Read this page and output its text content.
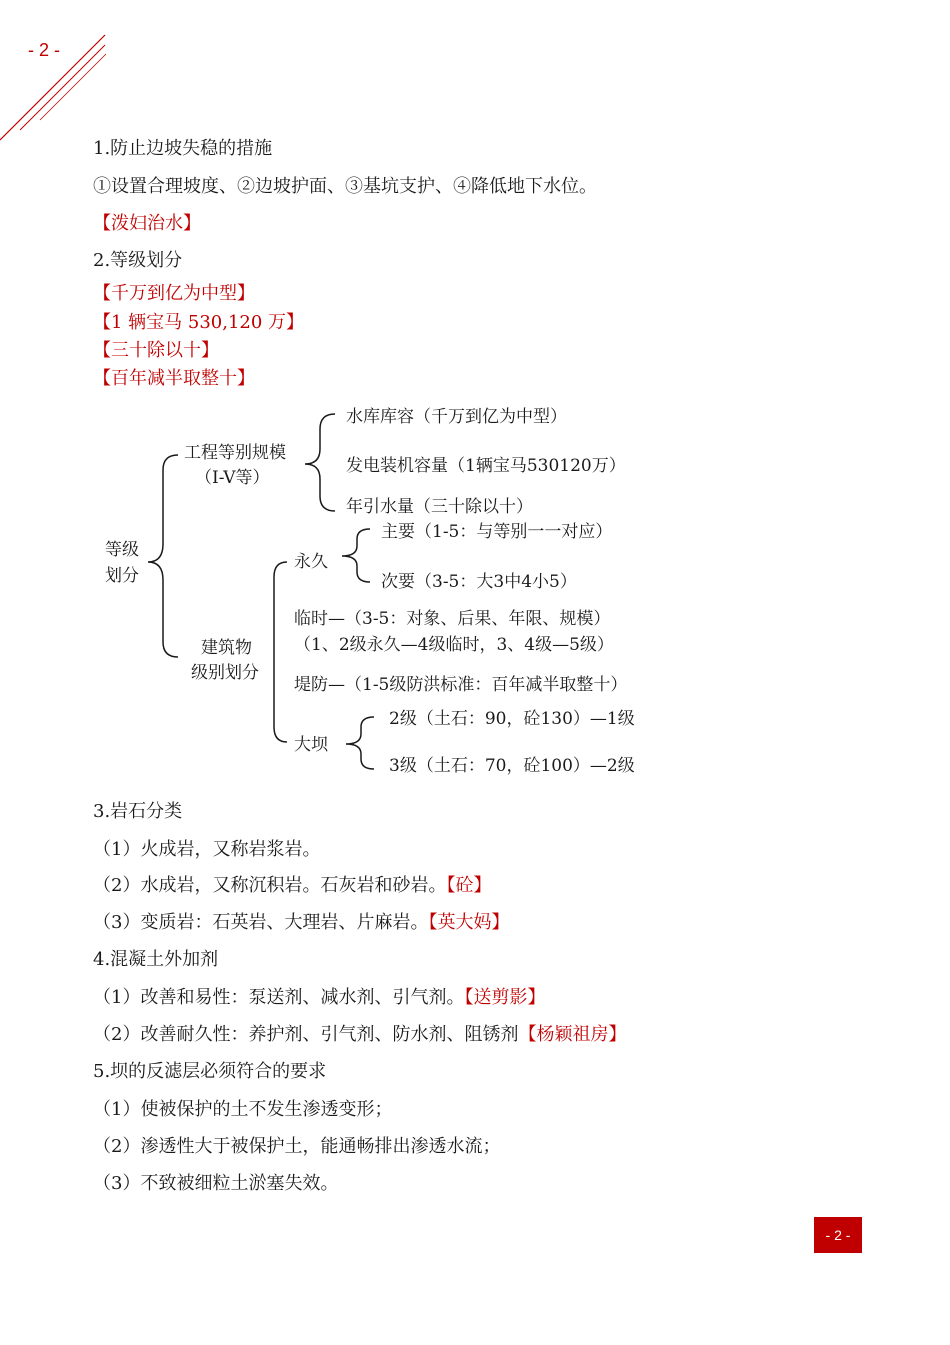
- 2 -
1.防止边坡失稳的措施
①设置合理坡度、②边坡护面、③基坑支护、④降低地下水位。
【泼妇治水】
2.等级划分
【千万到亿为中型】
【1 辆宝马 530,120 万】
【三十除以十】
【百年减半取整十】
等级
划分
工程等别规模
（I-V等）
水库库容（千万到亿为中型）
发电装机容量（1辆宝马530120万）
年引水量（三十除以十）
建筑物
级别划分
永久
主要（1-5：与等别一一对应）
次要（3-5：大3中4小5）
临时—（3-5：对象、后果、年限、规模）
（1、2级永久—4级临时，3、4级—5级）
堤防—（1-5级防洪标准：百年减半取整十）
大坝
2级（土石：90，砼130）—1级
3级（土石：70，砼100）—2级
3.岩石分类
（1）火成岩，又称岩浆岩。
（2）水成岩，又称沉积岩。石灰岩和砂岩。【砼】
（3）变质岩：石英岩、大理岩、片麻岩。【英大妈】
4.混凝土外加剂
（1）改善和易性：泵送剂、减水剂、引气剂。【送剪影】
（2）改善耐久性：养护剂、引气剂、防水剂、阻锈剂【杨颖祖房】
5.坝的反滤层必须符合的要求
（1）使被保护的土不发生渗透变形；
（2）渗透性大于被保护土，能通畅排出渗透水流；
（3）不致被细粒土淤塞失效。
- 2 -
